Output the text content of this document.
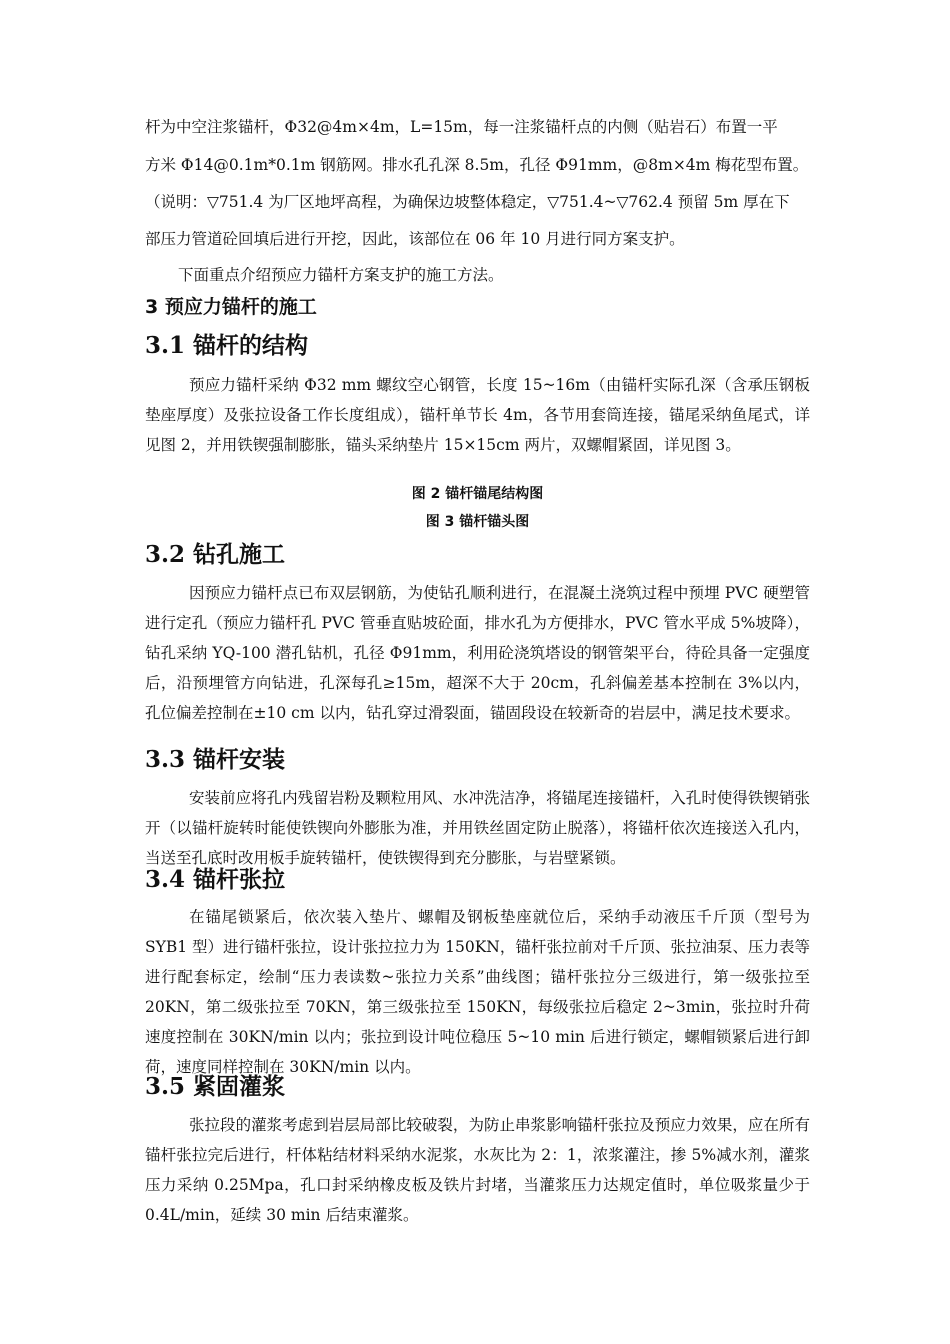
杆为中空注浆锚杆，Φ32@4m×4m，L=15m，每一注浆锚杆点的内侧（贴岩石）布置一平
方米 Φ14@0.1m*0.1m 钢筋网。排水孔孔深 8.5m，孔径 Φ91mm，@8m×4m 梅花型布置。
（说明：▽751.4 为厂区地坪高程，为确保边坡整体稳定，▽751.4~▽762.4 预留 5m 厚在下
部压力管道砼回填后进行开挖，因此，该部位在 06 年 10 月进行同方案支护。
下面重点介绍预应力锚杆方案支护的施工方法。
3 预应力锚杆的施工
3.1 锚杆的结构
预应力锚杆采纳 Φ32 mm 螺纹空心钢管，长度 15~16m（由锚杆实际孔深（含承压钢板垫座厚度）及张拉设备工作长度组成），锚杆单节长 4m，各节用套筒连接，锚尾采纳鱼尾式，详见图 2，并用铁锲强制膨胀，锚头采纳垫片 15×15cm 两片，双螺帽紧固，详见图 3。
图 2 锚杆锚尾结构图
图 3 锚杆锚头图
3.2 钻孔施工
因预应力锚杆点已布双层钢筋，为使钻孔顺利进行，在混凝土浇筑过程中预埋 PVC 硬塑管进行定孔（预应力锚杆孔 PVC 管垂直贴坡砼面，排水孔为方便排水，PVC 管水平成 5%坡降），钻孔采纳 YQ-100 潜孔钻机，孔径 Φ91mm，利用砼浇筑塔设的钢管架平台，待砼具备一定强度后，沿预埋管方向钻进，孔深每孔≥15m，超深不大于 20cm，孔斜偏差基本控制在 3%以内，孔位偏差控制在±10 cm 以内，钻孔穿过滑裂面，锚固段设在较新奇的岩层中，满足技术要求。
3.3 锚杆安装
安装前应将孔内残留岩粉及颗粒用风、水冲洗洁净，将锚尾连接锚杆，入孔时使得铁锲销张开（以锚杆旋转时能使铁锲向外膨胀为准，并用铁丝固定防止脱落），将锚杆依次连接送入孔内，当送至孔底时改用板手旋转锚杆，使铁锲得到充分膨胀，与岩壁紧锁。
3.4 锚杆张拉
在锚尾锁紧后，依次装入垫片、螺帽及钢板垫座就位后，采纳手动液压千斤顶（型号为 SYB1 型）进行锚杆张拉，设计张拉拉力为 150KN，锚杆张拉前对千斤顶、张拉油泵、压力表等进行配套标定，绘制“压力表读数~张拉力关系”曲线图；锚杆张拉分三级进行，第一级张拉至 20KN，第二级张拉至 70KN，第三级张拉至 150KN，每级张拉后稳定 2~3min，张拉时升荷速度控制在 30KN/min 以内；张拉到设计吨位稳压 5~10 min 后进行锁定，螺帽锁紧后进行卸荷，速度同样控制在 30KN/min 以内。
3.5 紧固灌浆
张拉段的灌浆考虑到岩层局部比较破裂，为防止串浆影响锚杆张拉及预应力效果，应在所有锚杆张拉完后进行，杆体粘结材料采纳水泥浆，水灰比为 2：1，浓浆灌注，掺 5%减水剂，灌浆压力采纳 0.25Mpa，孔口封采纳橡皮板及铁片封堵，当灌浆压力达规定值时，单位吸浆量少于 0.4L/min，延续 30 min 后结束灌浆。
